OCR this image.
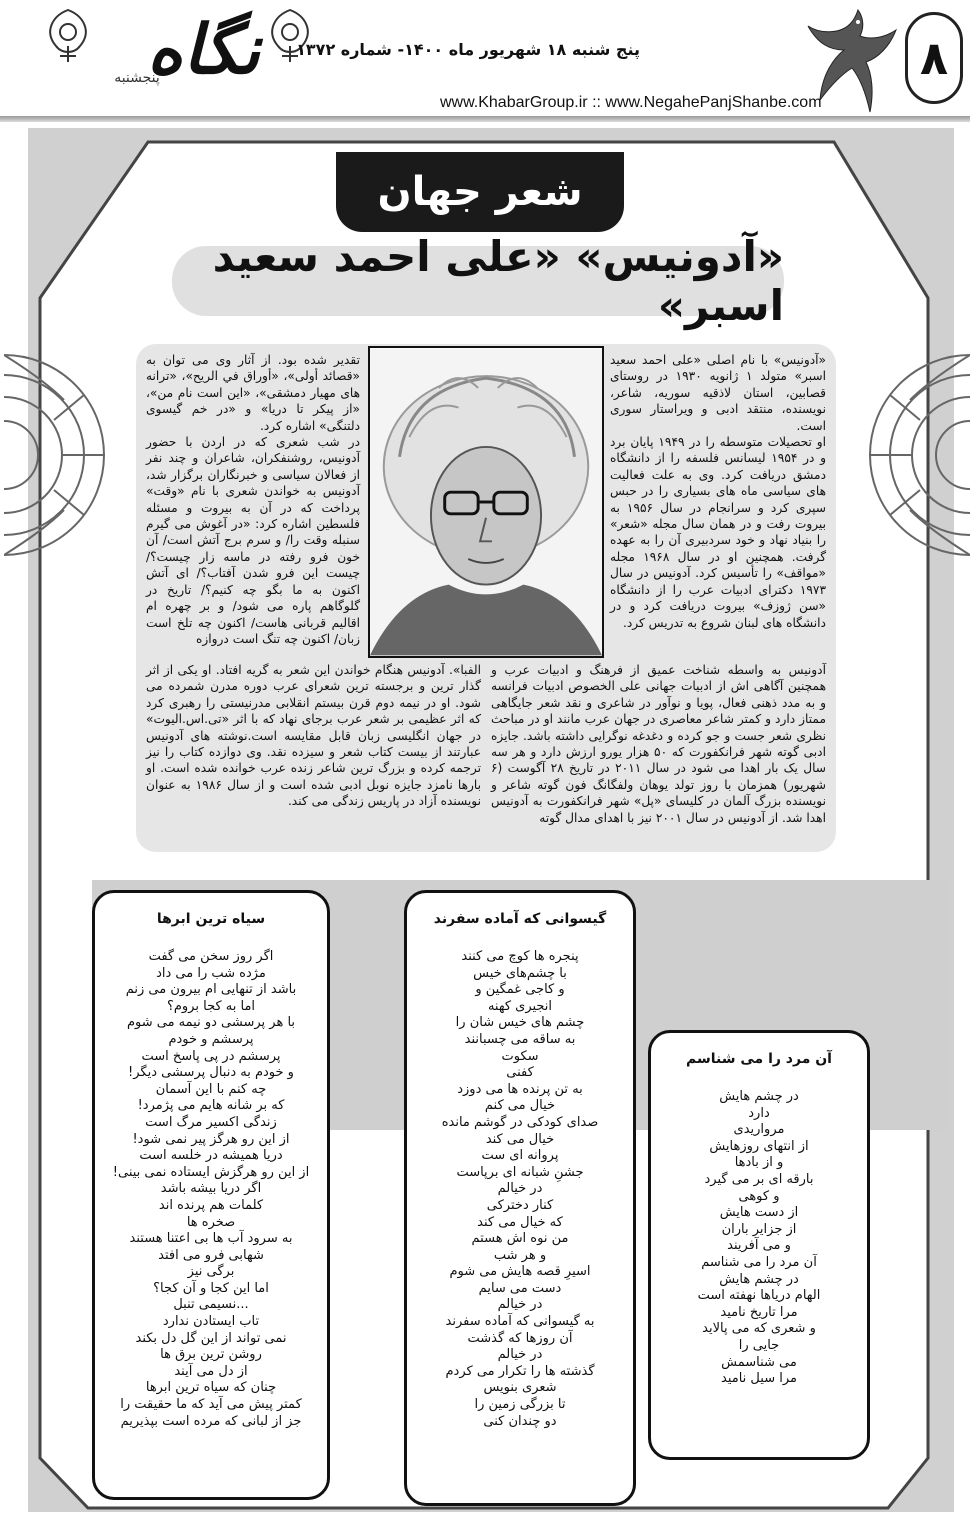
۸
نگاه
پنجشنبه
پنج شنبه ۱۸ شهریور ماه ۱۴۰۰- شماره ۱۳۷۲
www.KhabarGroup.ir :: www.NegahePanjShanbe.com
شعر جهان
«آدونیس» «علی احمد سعید اسبر»

«آدونیس» با نام اصلی «علی احمد سعید اسبر» متولد ۱ ژانویه ۱۹۳۰ در روستای قصابین، استان لاذقیه سوریه، شاعر، نویسنده، منتقد ادبی و ویراستار سوری است.

او تحصیلات متوسطه را در ۱۹۴۹ پایان برد و در ۱۹۵۴ لیسانس فلسفه را از دانشگاه دمشق دریافت کرد. وی به علت فعالیت های سیاسی ماه های بسیاری را در حبس سپری کرد و سرانجام در سال ۱۹۵۶ به بیروت رفت و در همان سال مجله «شعر» را بنیاد نهاد و خود سردبیری آن را به عهده گرفت. همچنین او در سال ۱۹۶۸ مجله «مواقف» را تأسیس کرد. آدونیس در سال ۱۹۷۳ دکترای ادبیات عرب را از دانشگاه «سن ژوزف» بیروت دریافت کرد و در دانشگاه های لبنان شروع به تدریس کرد.

تقدیر شده بود. از آثار وی می توان به «قصائد أولی»، «أوراق في الريح»، «ترانه های مهیار دمشقی»، «این است نام من»، «از پیکر تا دریا» و «در خم گیسوی دلتنگی» اشاره کرد.

در شب شعری که در اردن با حضور آدونیس، روشنفکران، شاعران و چند نفر از فعالان سیاسی و خبرنگاران برگزار شد، آدونیس به خواندن شعری با نام «وقت» پرداخت که در آن به بیروت و مسئله فلسطین اشاره کرد: «در آغوش می گیرم سنبله وقت را/ و سرم برج آتش است/ آن خون فرو رفته در ماسه زار چیست؟/ چیست این فرو شدن آفتاب؟/ ای آتش اکنون به ما بگو چه کنیم؟/ تاریخ در گلوگاهم پاره می شود/ و بر چهره ام اقالیم قربانی هاست/ اکنون چه تلخ است زبان/ اکنون چه تنگ است دروازه

آدونیس به واسطه شناخت عمیق از فرهنگ و ادبیات عرب و همچنین آگاهی اش از ادبیات جهانی علی الخصوص ادبیات فرانسه و به مدد ذهنی فعال، پویا و نوآور در شاعری و نقد شعر جایگاهی ممتاز دارد و کمتر شاعر معاصری در جهان عرب مانند او در مباحث نظری شعر جست و جو کرده و دغدغه نوگرایی داشته باشد. جایزه ادبی گوته شهر فرانکفورت که ۵۰ هزار یورو ارزش دارد و هر سه سال یک بار اهدا می شود در سال ۲۰۱۱ در تاریخ ۲۸ آگوست (۶ شهریور) همزمان با روز تولد یوهان ولفگانگ فون گوته شاعر و نویسنده بزرگ آلمان در کلیسای «پل» شهر فرانکفورت به آدونیس اهدا شد. از آدونیس در سال ۲۰۰۱ نیز با اهدای مدال گوته

الفبا». آدونیس هنگام خواندن این شعر به گریه افتاد. او یکی از اثر گذار ترین و برجسته ترین شعرای عرب دوره مدرن شمرده می شود. او در نیمه دوم قرن بیستم انقلابی مدرنیستی را رهبری کرد که اثر عظیمی بر شعر عرب برجای نهاد که با اثر «تی.اس.الیوت» در جهان انگلیسی زبان قابل مقایسه است.نوشته های آدونیس عبارتند از بیست کتاب شعر و سیزده نقد. وی دوازده کتاب را نیز ترجمه کرده و بزرگ ترین شاعر زنده عرب خوانده شده است. او بارها نامزد جایزه نوبل ادبی شده است و از سال ۱۹۸۶ به عنوان نویسنده آزاد در پاریس زندگی می کند.

سیاه ترین ابرها
اگر روز سخن می گفت
مژده شب را می داد
باشد از تنهایی ام بیرون می زنم
اما به کجا بروم؟
با هر پرسشی دو نیمه می شوم
پرسشم و خودم
پرسشم در پی پاسخ است
و خودم به دنبال پرسشی دیگر!
چه کنم با این آسمان
که بر شانه هایم می پژمرد!
زندگی اکسیر مرگ است
از این رو هرگز پیر نمی شود!
دریا همیشه در خلسه است
از این رو هرگزش ایستاده نمی بینی!
اگر دریا بیشه باشد
کلمات هم پرنده اند
صخره ها
به سرود آب ها بی اعتنا هستند
شهابی فرو می افتد
برگی نیز
اما این کجا و آن کجا؟
...نسیمی تنبل
تاب ایستادن ندارد
نمی تواند از این گل دل بکند
روشن ترین برق ها
از دل می آیند
چنان که سیاه ترین ابرها
کمتر پیش می آید که ما حقیقت را
جز از لبانی که مرده است بپذیریم
گیسوانی که آماده سفرند
پنجره ها کوچ می کنند
با چشم‌های خیس
و کاجی غمگین و
انجیری کهنه
چشم های خیس شان را
به ساقه می چسبانند
سکوت
کفنی
به تن پرنده ها می دوزد
خیال می کنم
صدای کودکی در گوشم مانده
خیال می کند
پروانه ای ست
جشنِ شبانه ای برپاست
در خیالم
کنار دخترکی
که خیال می کند
من نوه اش هستم
و هر شب
اسیرِ قصه هایش می شوم
دست می سایم
در خیالم
به گیسوانی که آماده سفرند
آن روزها که گذشت
در خیالم
گذشته ها را تکرار می کردم
شعری بنویس
تا بزرگی زمین را
دو چندان کنی
آن مرد را می شناسم
در چشم هایش
دارد
مرواریدی
از انتهای روزهایش
و از بادها
بارقه ای بر می گیرد
و کوهی
از دست هایش
از جزایر باران
و می آفریند
آن مرد را می شناسم
در چشم هایش
الهام دریاها نهفته است
مرا تاریخ نامید
و شعری که می پالاید
جایی را
می شناسمش
مرا سیل نامید
